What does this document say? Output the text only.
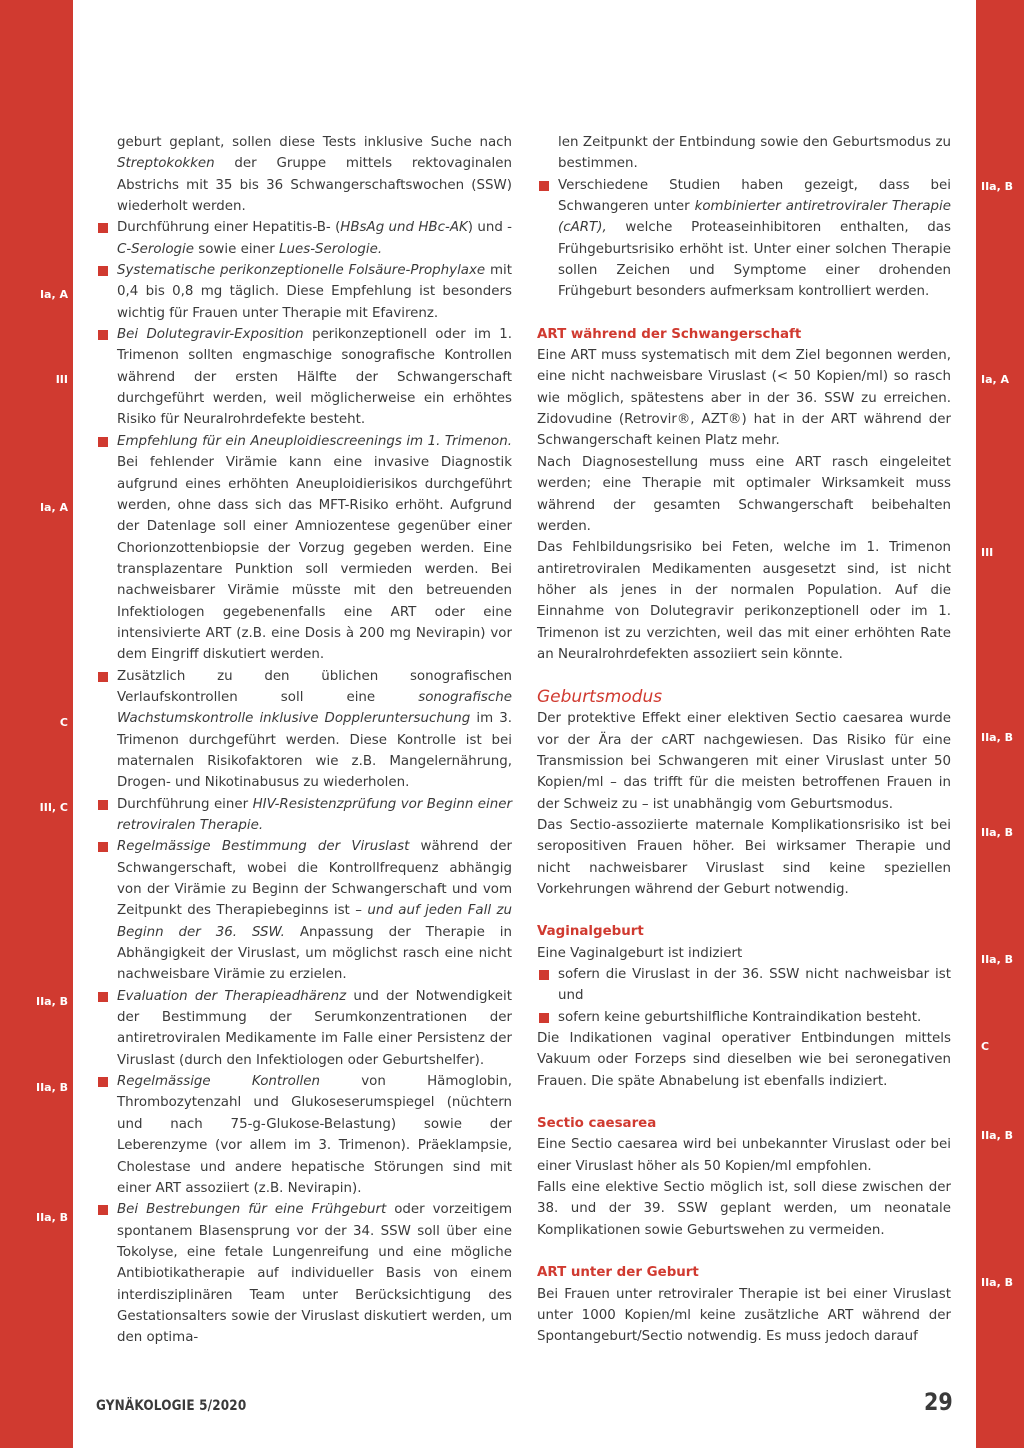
Ia, A
III
Ia, A
C
III, C
IIa, B
IIa, B
IIa, B
IIa, B
Ia, A
III
IIa, B
IIa, B
IIa, B
C
IIa, B
IIa, B

geburt geplant, sollen diese Tests inklusive Suche nach Streptokokken der Gruppe mittels rektovaginalen Abstrichs mit 35 bis 36 Schwangerschaftswochen (SSW) wiederholt werden.

Durchführung einer Hepatitis-B- (HBsAg und HBc-AK) und -C-Serologie sowie einer Lues-Serologie.

Systematische perikonzeptionelle Folsäure-Prophylaxe mit 0,4 bis 0,8 mg täglich. Diese Empfehlung ist besonders wichtig für Frauen unter Therapie mit Efavirenz.

Bei Dolutegravir-Exposition perikonzeptionell oder im 1. Trimenon sollten engmaschige sonografische Kontrollen während der ersten Hälfte der Schwangerschaft durchgeführt werden, weil möglicherweise ein erhöhtes Risiko für Neuralrohrdefekte besteht.

Empfehlung für ein Aneuploidiescreenings im 1. Trimenon. Bei fehlender Virämie kann eine invasive Diagnostik aufgrund eines erhöhten Aneuploidierisikos durchgeführt werden, ohne dass sich das MFT-Risiko erhöht. Aufgrund der Datenlage soll einer Amniozentese gegenüber einer Chorionzottenbiopsie der Vorzug gegeben werden. Eine transplazentare Punktion soll vermieden werden. Bei nachweisbarer Virämie müsste mit den betreuenden Infektiologen gegebenenfalls eine ART oder eine intensivierte ART (z.B. eine Dosis à 200 mg Nevirapin) vor dem Eingriff diskutiert werden.

Zusätzlich zu den üblichen sonografischen Verlaufskontrollen soll eine sonografische Wachstumskontrolle inklusive Doppleruntersuchung im 3. Trimenon durchgeführt werden. Diese Kontrolle ist bei maternalen Risikofaktoren wie z.B. Mangelernährung, Drogen- und Nikotinabusus zu wiederholen.

Durchführung einer HIV-Resistenzprüfung vor Beginn einer retroviralen Therapie.

Regelmässige Bestimmung der Viruslast während der Schwangerschaft, wobei die Kontrollfrequenz abhängig von der Virämie zu Beginn der Schwangerschaft und vom Zeitpunkt des Therapiebeginns ist – und auf jeden Fall zu Beginn der 36. SSW. Anpassung der Therapie in Abhängigkeit der Viruslast, um möglichst rasch eine nicht nachweisbare Virämie zu erzielen.

Evaluation der Therapieadhärenz und der Notwendigkeit der Bestimmung der Serumkonzentrationen der antiretroviralen Medikamente im Falle einer Persistenz der Viruslast (durch den Infektiologen oder Geburtshelfer).

Regelmässige Kontrollen von Hämoglobin, Thrombozytenzahl und Glukoseserumspiegel (nüchtern und nach 75-g-Glukose-Belastung) sowie der Leberenzyme (vor allem im 3. Trimenon). Präeklampsie, Cholestase und andere hepatische Störungen sind mit einer ART assoziiert (z.B. Nevirapin).

Bei Bestrebungen für eine Frühgeburt oder vorzeitigem spontanem Blasensprung vor der 34. SSW soll über eine Tokolyse, eine fetale Lungenreifung und eine mögliche Antibiotikatherapie auf individueller Basis von einem interdisziplinären Team unter Berücksichtigung des Gestationsalters sowie der Viruslast diskutiert werden, um den optima-

len Zeitpunkt der Entbindung sowie den Geburtsmodus zu bestimmen.

Verschiedene Studien haben gezeigt, dass bei Schwangeren unter kombinierter antiretroviraler Therapie (cART), welche Proteaseinhibitoren enthalten, das Frühgeburtsrisiko erhöht ist. Unter einer solchen Therapie sollen Zeichen und Symptome einer drohenden Frühgeburt besonders aufmerksam kontrolliert werden.

ART während der Schwangerschaft

Eine ART muss systematisch mit dem Ziel begonnen werden, eine nicht nachweisbare Viruslast (< 50 Kopien/ml) so rasch wie möglich, spätestens aber in der 36. SSW zu erreichen. Zidovudine (Retrovir®, AZT®) hat in der ART während der Schwangerschaft keinen Platz mehr.

Nach Diagnosestellung muss eine ART rasch eingeleitet werden; eine Therapie mit optimaler Wirksamkeit muss während der gesamten Schwangerschaft beibehalten werden.

Das Fehlbildungsrisiko bei Feten, welche im 1. Trimenon antiretroviralen Medikamenten ausgesetzt sind, ist nicht höher als jenes in der normalen Population. Auf die Einnahme von Dolutegravir perikonzeptionell oder im 1. Trimenon ist zu verzichten, weil das mit einer erhöhten Rate an Neuralrohrdefekten assoziiert sein könnte.

Geburtsmodus

Der protektive Effekt einer elektiven Sectio caesarea wurde vor der Ära der cART nachgewiesen. Das Risiko für eine Transmission bei Schwangeren mit einer Viruslast unter 50 Kopien/ml – das trifft für die meisten betroffenen Frauen in der Schweiz zu – ist unabhängig vom Geburtsmodus.

Das Sectio-assoziierte maternale Komplikationsrisiko ist bei seropositiven Frauen höher. Bei wirksamer Therapie und nicht nachweisbarer Viruslast sind keine speziellen Vorkehrungen während der Geburt notwendig.

Vaginalgeburt

Eine Vaginalgeburt ist indiziert

sofern die Viruslast in der 36. SSW nicht nachweisbar ist und

sofern keine geburtshilfliche Kontraindikation besteht.

Die Indikationen vaginal operativer Entbindungen mittels Vakuum oder Forzeps sind dieselben wie bei seronegativen Frauen. Die späte Abnabelung ist ebenfalls indiziert.

Sectio caesarea

Eine Sectio caesarea wird bei unbekannter Viruslast oder bei einer Viruslast höher als 50 Kopien/ml empfohlen.

Falls eine elektive Sectio möglich ist, soll diese zwischen der 38. und der 39. SSW geplant werden, um neonatale Komplikationen sowie Geburtswehen zu vermeiden.

ART unter der Geburt

Bei Frauen unter retroviraler Therapie ist bei einer Viruslast unter 1000 Kopien/ml keine zusätzliche ART während der Spontangeburt/Sectio notwendig. Es muss jedoch darauf

GYNÄKOLOGIE 5/2020	29
